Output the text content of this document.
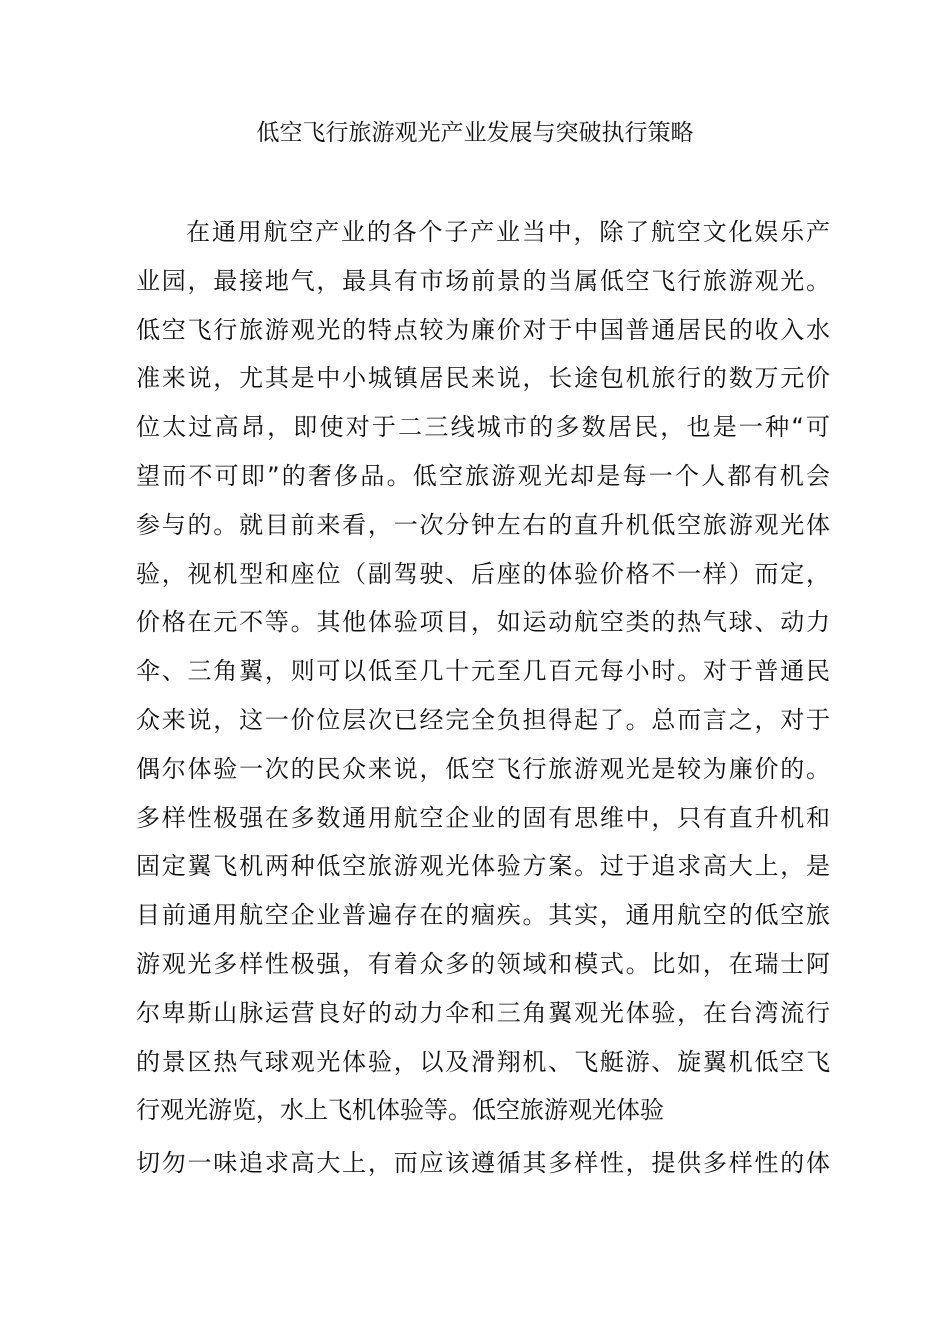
低空飞行旅游观光产业发展与突破执行策略
在通用航空产业的各个子产业当中，除了航空文化娱乐产
业园，最接地气，最具有市场前景的当属低空飞行旅游观光。
低空飞行旅游观光的特点较为廉价对于中国普通居民的收入水
准来说，尤其是中小城镇居民来说，长途包机旅行的数万元价
位太过高昂，即使对于二三线城市的多数居民，也是一种“可
望而不可即”的奢侈品。低空旅游观光却是每一个人都有机会
参与的。就目前来看，一次分钟左右的直升机低空旅游观光体
验，视机型和座位（副驾驶、后座的体验价格不一样）而定，
价格在元不等。其他体验项目，如运动航空类的热气球、动力
伞、三角翼，则可以低至几十元至几百元每小时。对于普通民
众来说，这一价位层次已经完全负担得起了。总而言之，对于
偶尔体验一次的民众来说，低空飞行旅游观光是较为廉价的。
多样性极强在多数通用航空企业的固有思维中，只有直升机和
固定翼飞机两种低空旅游观光体验方案。过于追求高大上，是
目前通用航空企业普遍存在的痼疾。其实，通用航空的低空旅
游观光多样性极强，有着众多的领域和模式。比如，在瑞士阿
尔卑斯山脉运营良好的动力伞和三角翼观光体验，在台湾流行
的景区热气球观光体验，以及滑翔机、飞艇游、旋翼机低空飞
行观光游览，水上飞机体验等。低空旅游观光体验
切勿一味追求高大上，而应该遵循其多样性，提供多样性的体
